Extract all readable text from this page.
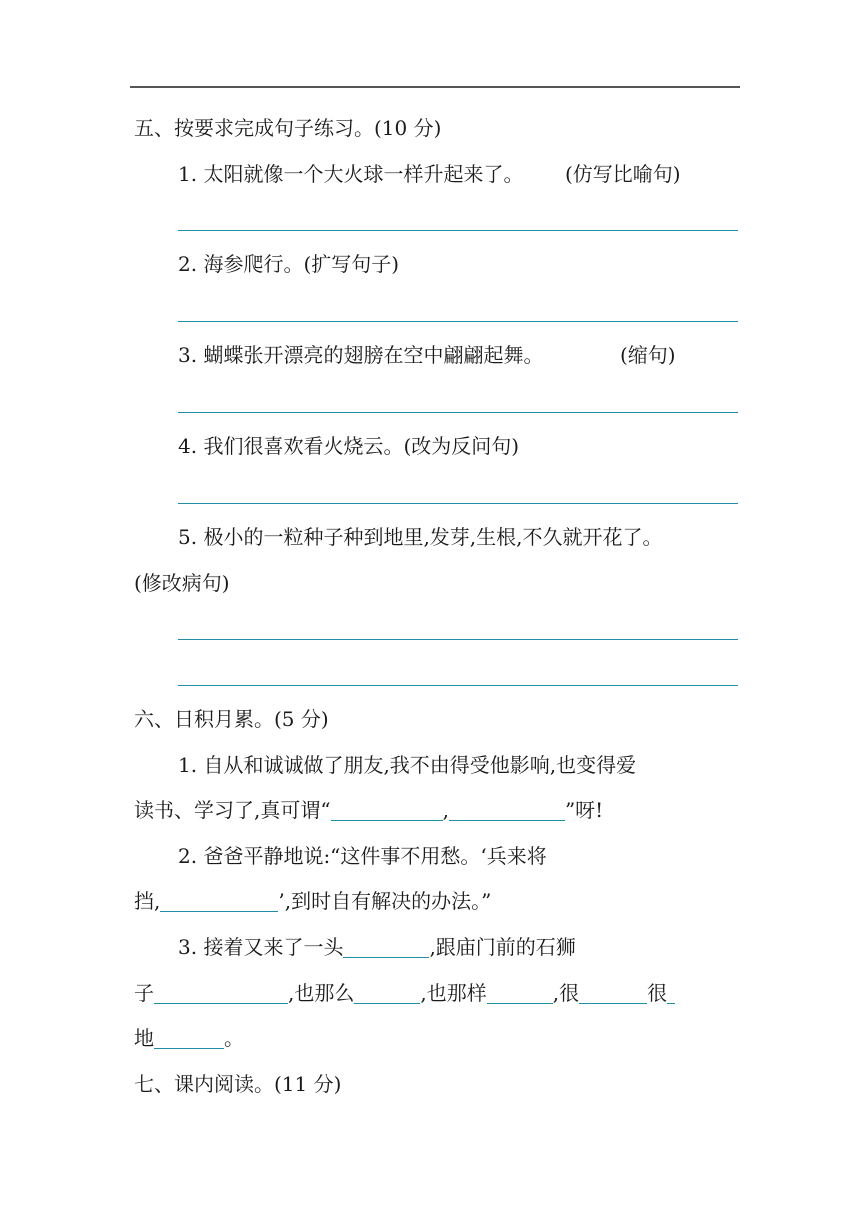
五、按要求完成句子练习。(10 分)
1. 太阳就像一个大火球一样升起来了。 (仿写比喻句)
2. 海参爬行。(扩写句子)
3. 蝴蝶张开漂亮的翅膀在空中翩翩起舞。	(缩句)
4. 我们很喜欢看火烧云。(改为反问句)
5. 极小的一粒种子种到地里,发芽,生根,不久就开花了。
(修改病句)
六、日积月累。(5 分)
1. 自从和诚诚做了朋友,我不由得受他影响,也变得爱
读书、学习了,真可谓“	,	”呀!
2. 爸爸平静地说:“这件事不用愁。‘兵来将
挡,	’,到时自有解决的办法。”
3. 接着又来了一头	,跟庙门前的石狮
子	,也那么	,也那样	,很	很
地	。
七、课内阅读。(11 分)
